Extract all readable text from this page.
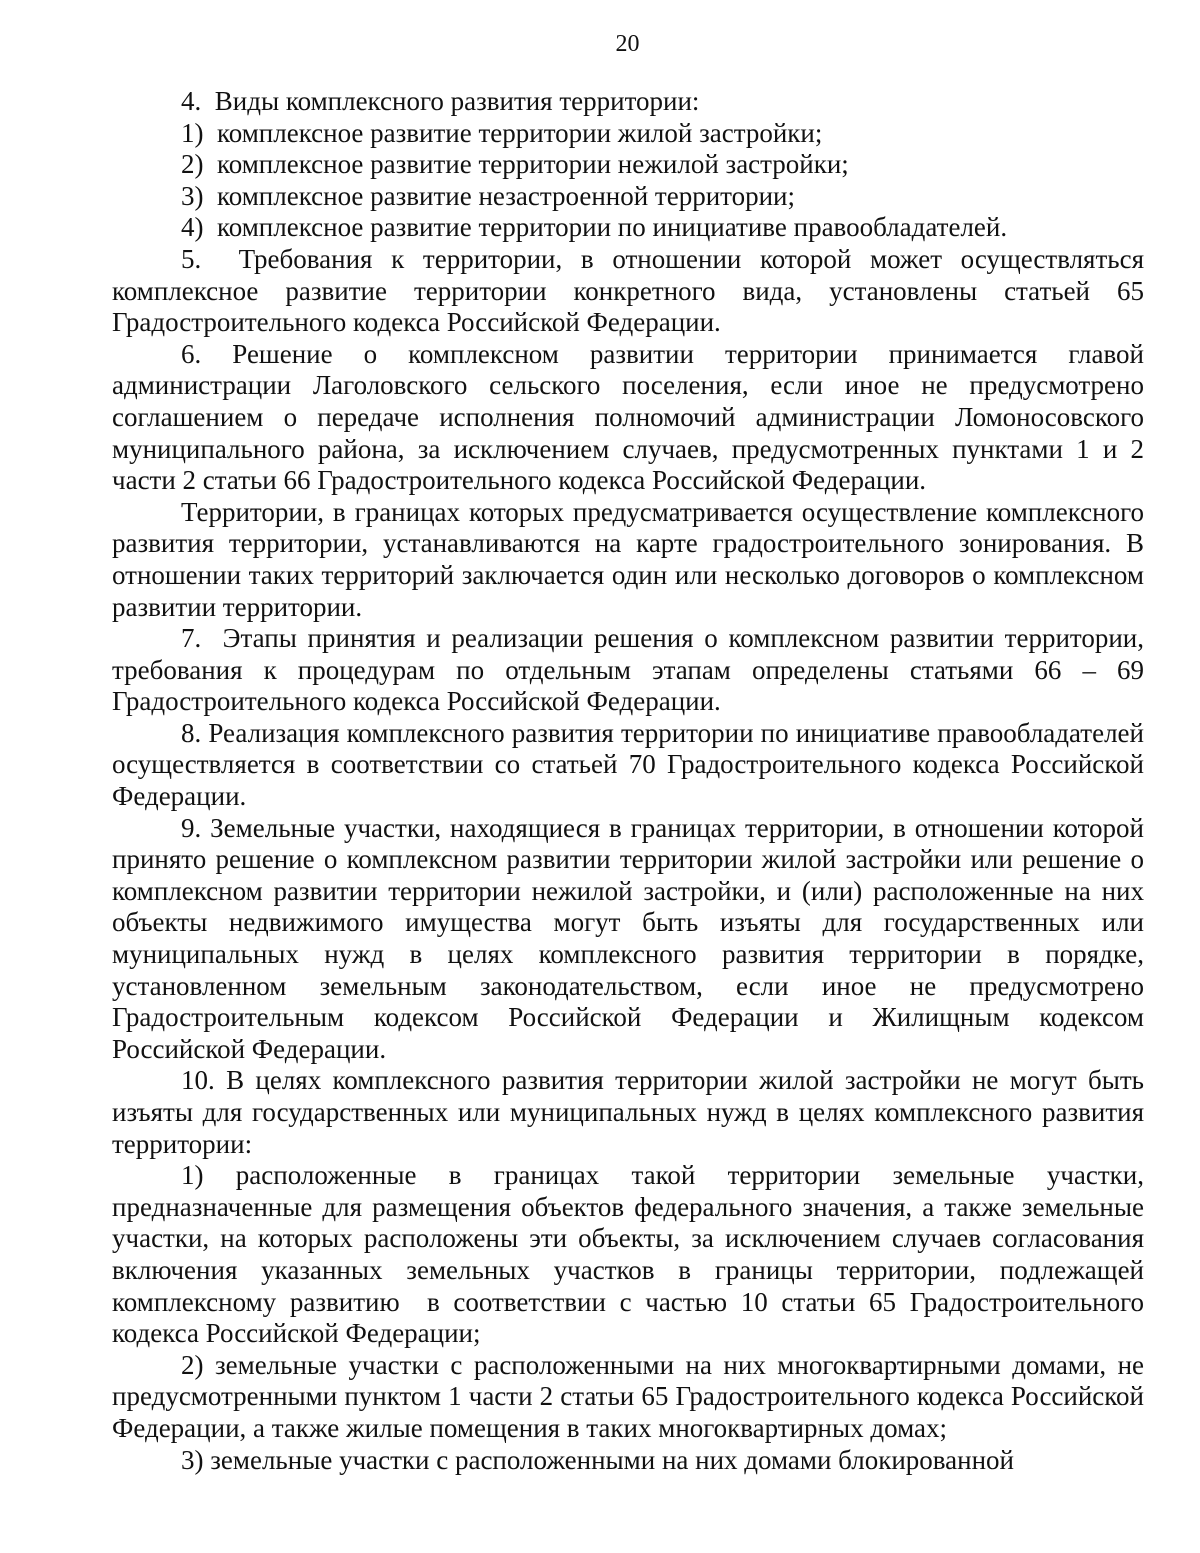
20

4.  Виды комплексного развития территории:

1)  комплексное развитие территории жилой застройки;

2)  комплексное развитие территории нежилой застройки;

3)  комплексное развитие незастроенной территории;

4)  комплексное развитие территории по инициативе правообладателей.

5.  Требования к территории, в отношении которой может осуществляться комплексное развитие территории конкретного вида, установлены статьей 65 Градостроительного кодекса Российской Федерации.

6. Решение о комплексном развитии территории принимается главой администрации Лаголовского сельского поселения, если иное не предусмотрено соглашением о передаче исполнения полномочий администрации Ломоносовского муниципального района, за исключением случаев, предусмотренных пунктами 1 и 2 части 2 статьи 66 Градостроительного кодекса Российской Федерации.

Территории, в границах которых предусматривается осуществление комплексного развития территории, устанавливаются на карте градостроительного зонирования. В отношении таких территорий заключается один или несколько договоров о комплексном развитии территории.

7.  Этапы принятия и реализации решения о комплексном развитии территории, требования к процедурам по отдельным этапам определены статьями 66 – 69 Градостроительного кодекса Российской Федерации.

8. Реализация комплексного развития территории по инициативе правообладателей осуществляется в соответствии со статьей 70 Градостроительного кодекса Российской Федерации.

9. Земельные участки, находящиеся в границах территории, в отношении которой принято решение о комплексном развитии территории жилой застройки или решение о комплексном развитии территории нежилой застройки, и (или) расположенные на них объекты недвижимого имущества могут быть изъяты для государственных или муниципальных нужд в целях комплексного развития территории в порядке, установленном земельным законодательством, если иное не предусмотрено Градостроительным кодексом Российской Федерации и Жилищным кодексом Российской Федерации.

10. В целях комплексного развития территории жилой застройки не могут быть изъяты для государственных или муниципальных нужд в целях комплексного развития территории:

1) расположенные в границах такой территории земельные участки, предназначенные для размещения объектов федерального значения, а также земельные участки, на которых расположены эти объекты, за исключением случаев согласования включения указанных земельных участков в границы территории, подлежащей комплексному развитию  в соответствии с частью 10 статьи 65 Градостроительного кодекса Российской Федерации;

2) земельные участки с расположенными на них многоквартирными домами, не предусмотренными пунктом 1 части 2 статьи 65 Градостроительного кодекса Российской Федерации, а также жилые помещения в таких многоквартирных домах;

3) земельные участки с расположенными на них домами блокированной
